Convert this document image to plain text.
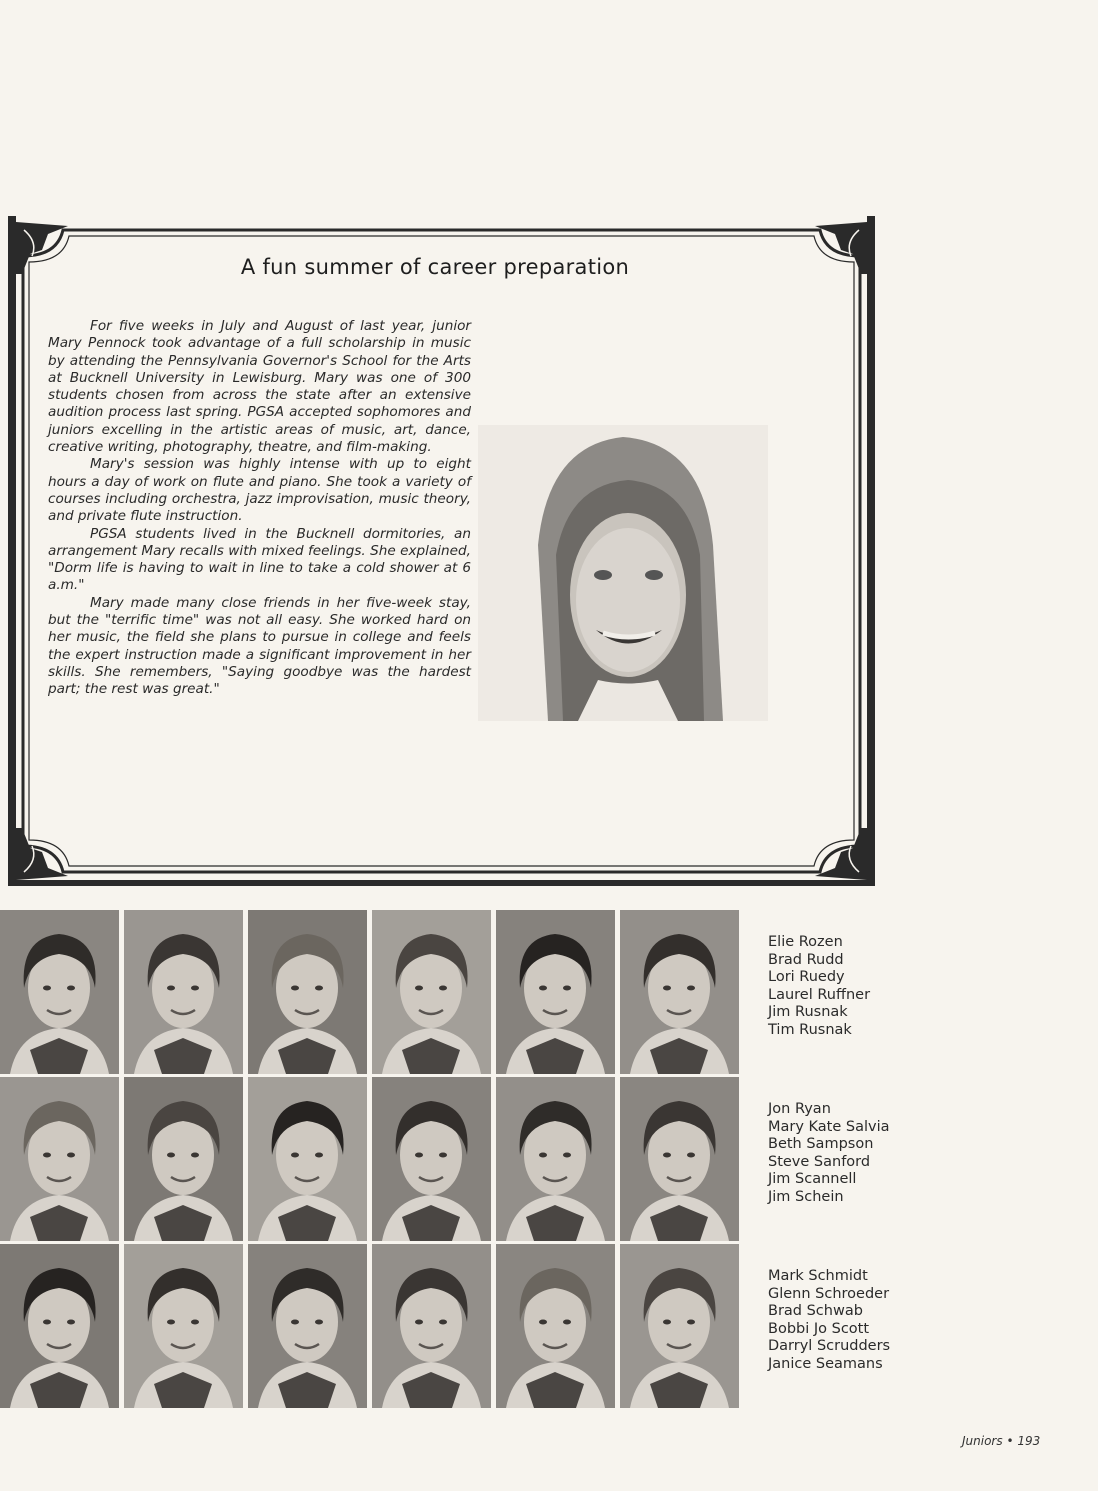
A fun summer of career preparation

For five weeks in July and August of last year, junior Mary Pennock took advantage of a full scholarship in music by attending the Pennsylvania Governor's School for the Arts at Bucknell University in Lewisburg. Mary was one of 300 students chosen from across the state after an extensive audition process last spring. PGSA accepted sophomores and juniors excelling in the artistic areas of music, art, dance, creative writing, photography, theatre, and film-making.

Mary's session was highly intense with up to eight hours a day of work on flute and piano. She took a variety of courses including orchestra, jazz improvisation, music theory, and private flute instruction.

PGSA students lived in the Bucknell dormitories, an arrangement Mary recalls with mixed feelings. She explained, "Dorm life is having to wait in line to take a cold shower at 6 a.m."

Mary made many close friends in her five-week stay, but the "terrific time" was not all easy. She worked hard on her music, the field she plans to pursue in college and feels the expert instruction made a significant improvement in her skills. She remembers, "Saying goodbye was the hardest part; the rest was great."

Elie Rozen
Brad Rudd
Lori Ruedy
Laurel Ruffner
Jim Rusnak
Tim Rusnak
Jon Ryan
Mary Kate Salvia
Beth Sampson
Steve Sanford
Jim Scannell
Jim Schein
Mark Schmidt
Glenn Schroeder
Brad Schwab
Bobbi Jo Scott
Darryl Scrudders
Janice Seamans
Juniors • 193
